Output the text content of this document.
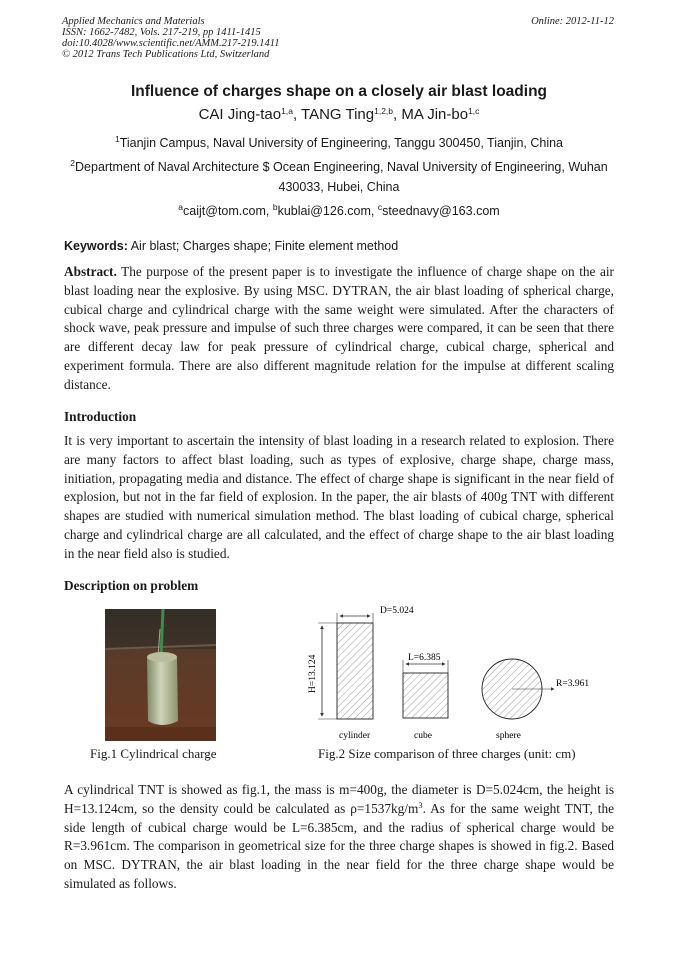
Applied Mechanics and Materials
ISSN: 1662-7482, Vols. 217-219, pp 1411-1415
doi:10.4028/www.scientific.net/AMM.217-219.1411
© 2012 Trans Tech Publications Ltd, Switzerland
Online: 2012-11-12
Influence of charges shape on a closely air blast loading
CAI Jing-tao$^{1,a}$, TANG Ting$^{1,2,b}$, MA Jin-bo$^{1,c}$
$^1$Tianjin Campus, Naval University of Engineering, Tanggu 300450, Tianjin, China
$^2$Department of Naval Architecture $ Ocean Engineering, Naval University of Engineering, Wuhan
430033, Hubei, China
$^a$caijt@tom.com, $^b$kublai@126.com, $^c$steednavy@163.com
Keywords: Air blast; Charges shape; Finite element method
Abstract. The purpose of the present paper is to investigate the influence of charge shape on the air blast loading near the explosive. By using MSC. DYTRAN, the air blast loading of spherical charge, cubical charge and cylindrical charge with the same weight were simulated. After the characters of shock wave, peak pressure and impulse of such three charges were compared, it can be seen that there are different decay law for peak pressure of cylindrical charge, cubical charge, spherical and experiment formula. There are also different magnitude relation for the impulse at different scaling distance.
Introduction
It is very important to ascertain the intensity of blast loading in a research related to explosion. There are many factors to affect blast loading, such as types of explosive, charge shape, charge mass, initiation, propagating media and distance. The effect of charge shape is significant in the near field of explosion, but not in the far field of explosion. In the paper, the air blasts of 400g TNT with different shapes are studied with numerical simulation method. The blast loading of cubical charge, spherical charge and cylindrical charge are all calculated, and the effect of charge shape to the air blast loading in the near field also is studied.
Description on problem
Fig.1 Cylindrical charge
D=5.024
H=13.124	L=6.385
R=3.961
cylinder	cube	sphere
Fig.2 Size comparison of three charges (unit: cm)
A cylindrical TNT is showed as fig.1, the mass is m=400g, the diameter is D=5.024cm, the height is H=13.124cm, so the density could be calculated as $\rho=1537kg/m^3$. As for the same weight TNT, the side length of cubical charge would be L=6.385cm, and the radius of spherical charge would be R=3.961cm. The comparison in geometrical size for the three charge shapes is showed in fig.2. Based on MSC. DYTRAN, the air blast loading in the near field for the three charge shape would be simulated as follows.
